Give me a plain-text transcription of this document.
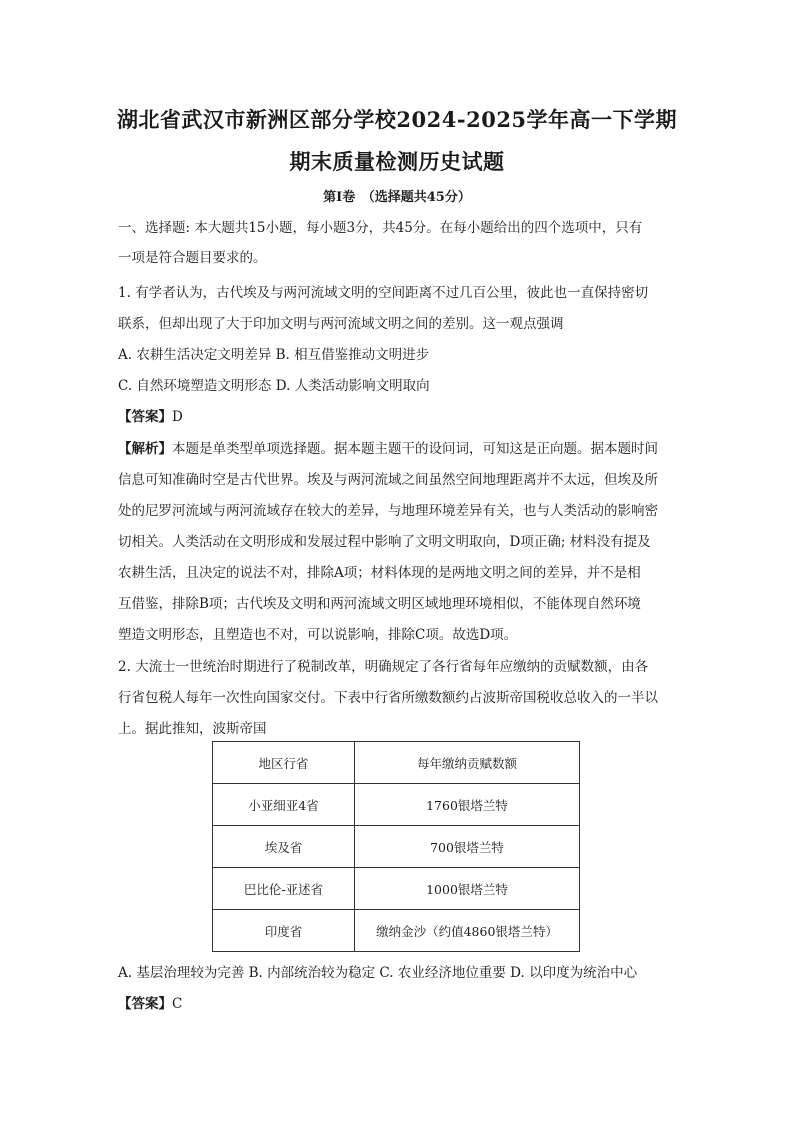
湖北省武汉市新洲区部分学校2024-2025学年高一下学期
期末质量检测历史试题
第Ⅰ卷　（选择题共45分）
一、选择题: 本大题共15小题，每小题3分，共45分。在每小题给出的四个选项中，只有
一项是符合题目要求的。
1. 有学者认为，古代埃及与两河流域文明的空间距离不过几百公里，彼此也一直保持密切
联系，但却出现了大于印加文明与两河流域文明之间的差别。这一观点强调
A. 农耕生活决定文明差异 B. 相互借鉴推动文明进步
C. 自然环境塑造文明形态 D. 人类活动影响文明取向
【答案】D
【解析】本题是单类型单项选择题。据本题主题干的设问词，可知这是正向题。据本题时间
信息可知准确时空是古代世界。埃及与两河流域之间虽然空间地理距离并不太远，但埃及所
处的尼罗河流域与两河流域存在较大的差异，与地理环境差异有关，也与人类活动的影响密
切相关。人类活动在文明形成和发展过程中影响了文明文明取向，D项正确; 材料没有提及
农耕生活，且决定的说法不对，排除A项；材料体现的是两地文明之间的差异，并不是相
互借鉴，排除B项；古代埃及文明和两河流域文明区域地理环境相似，不能体现自然环境
塑造文明形态，且塑造也不对，可以说影响，排除C项。故选D项。
2. 大流士一世统治时期进行了税制改革，明确规定了各行省每年应缴纳的贡赋数额，由各
行省包税人每年一次性向国家交付。下表中行省所缴数额约占波斯帝国税收总收入的一半以
上。据此推知，波斯帝国
地区行省	每年缴纳贡赋数额
小亚细亚4省	1760银塔兰特
埃及省	700银塔兰特
巴比伦-亚述省	1000银塔兰特
印度省	缴纳金沙（约值4860银塔兰特）
A. 基层治理较为完善 B. 内部统治较为稳定 C. 农业经济地位重要 D. 以印度为统治中心
【答案】C
